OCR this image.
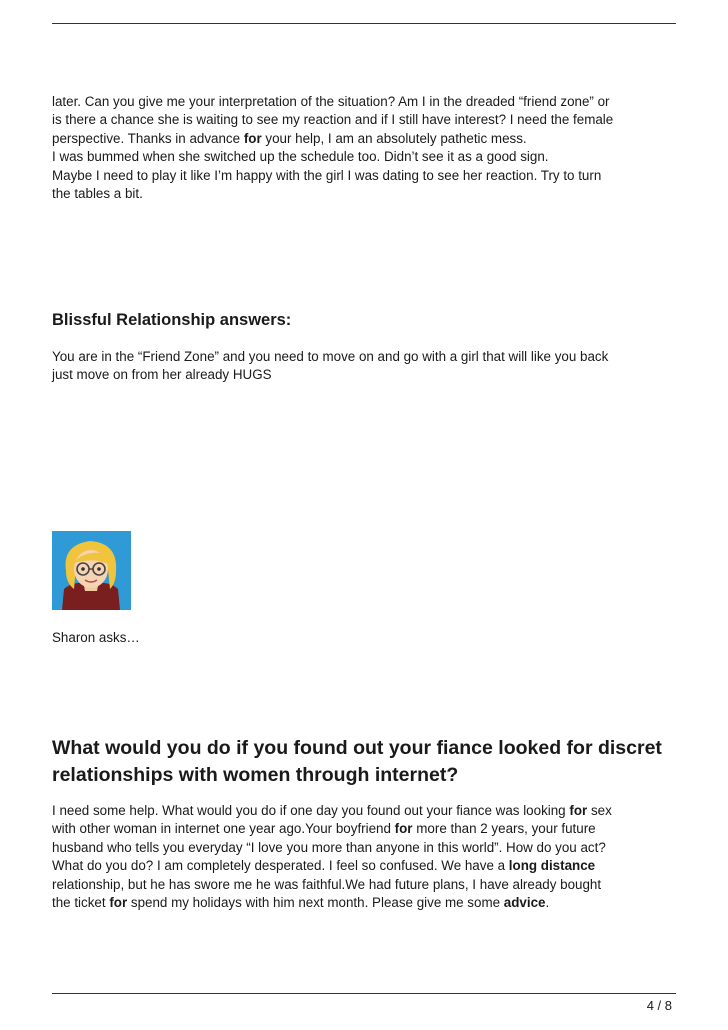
later. Can you give me your interpretation of the situation? Am I in the dreaded “friend zone” or

is there a chance she is waiting to see my reaction and if I still have interest? I need the female

perspective. Thanks in advance for your help, I am an absolutely pathetic mess.

I was bummed when she switched up the schedule too. Didn’t see it as a good sign.

Maybe I need to play it like I’m happy with the girl I was dating to see her reaction. Try to turn

the tables a bit.

Blissful Relationship answers:

You are in the “Friend Zone” and you need to move on and go with a girl that will like you back

just move on from her already HUGS

Sharon asks…

What would you do if you found out your fiance looked for discret

relationships with women through internet?

I need some help. What would you do if one day you found out your fiance was looking for sex

with other woman in internet one year ago.Your boyfriend for more than 2 years, your future

husband who tells you everyday “I love you more than anyone in this world”. How do you act?

What do you do? I am completely desperated. I feel so confused. We have a long distance

relationship, but he has swore me he was faithful.We had future plans, I have already bought

the ticket for spend my holidays with him next month. Please give me some advice.

4 / 8
